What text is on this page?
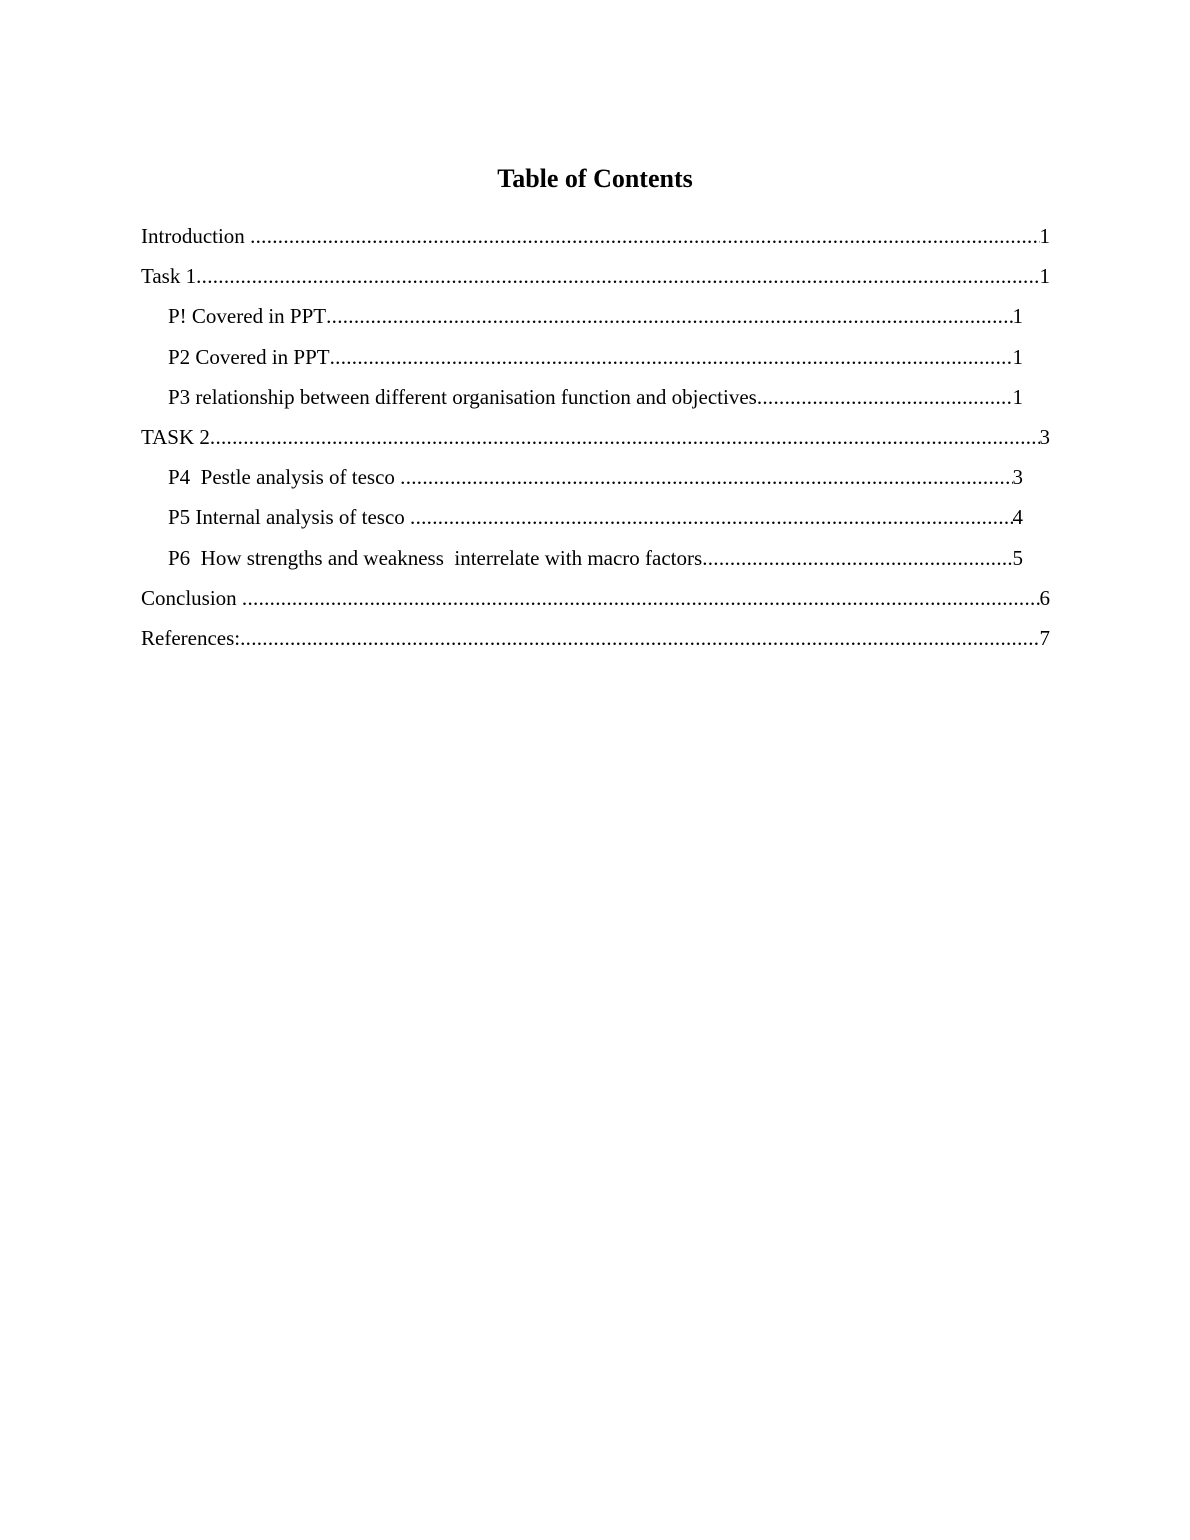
Table of Contents
Introduction .....	1
Task 1 .....	1
P! Covered in PPT .....	1
P2 Covered in PPT .....	1
P3 relationship between different organisation function and objectives .....	1
TASK 2 .....	3
P4  Pestle analysis of tesco .....	3
P5 Internal analysis of tesco .....	4
P6  How strengths and weakness  interrelate with macro factors .....	5
Conclusion .....	6
References: .....	7
